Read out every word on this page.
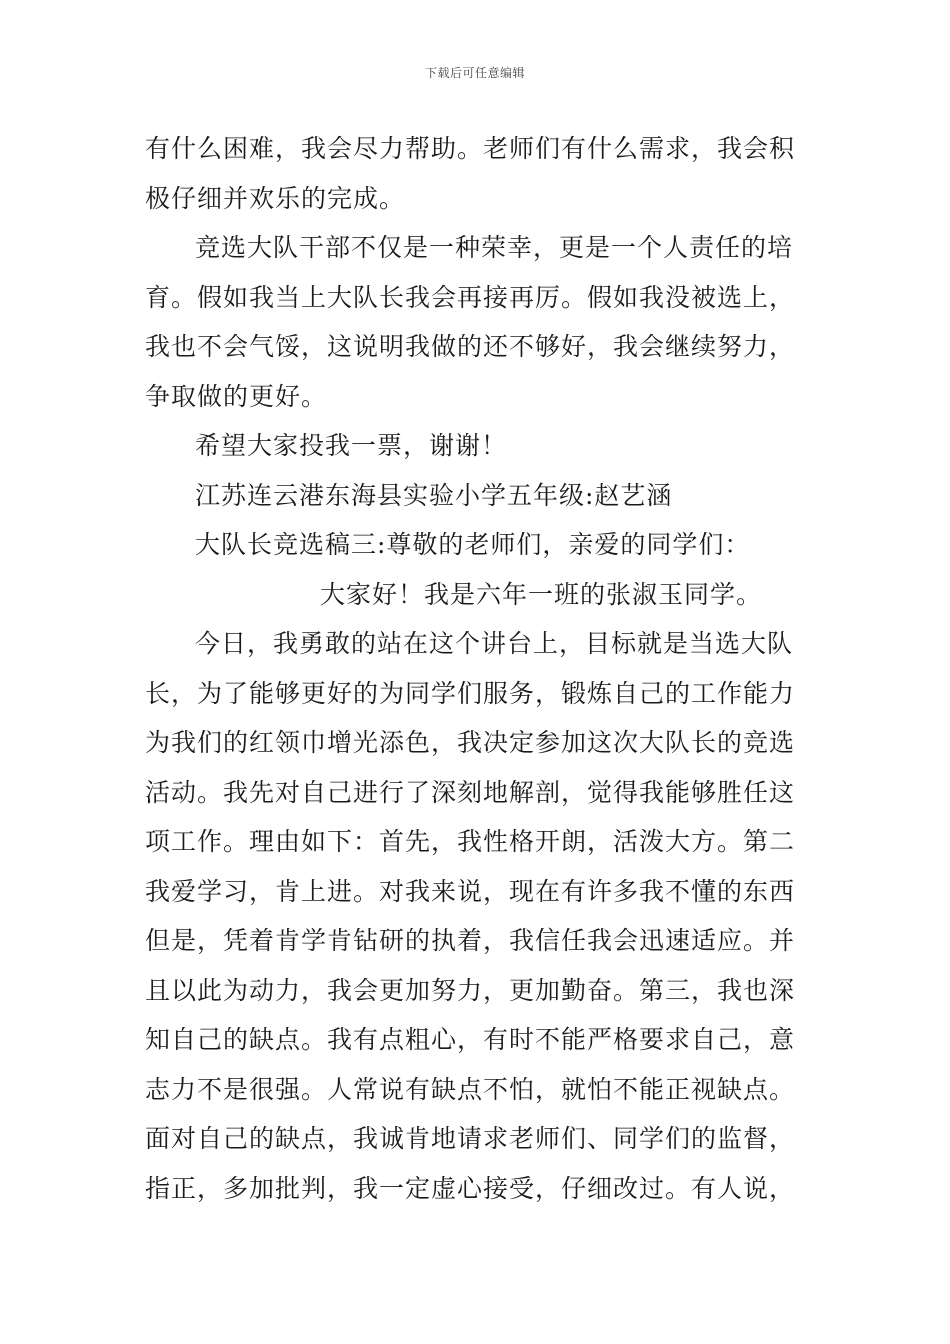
下载后可任意编辑
有什么困难，我会尽力帮助。老师们有什么需求，我会积
极仔细并欢乐的完成。
竞选大队干部不仅是一种荣幸，更是一个人责任的培
育。假如我当上大队长我会再接再厉。假如我没被选上，
我也不会气馁，这说明我做的还不够好，我会继续努力，
争取做的更好。
希望大家投我一票，谢谢！
江苏连云港东海县实验小学五年级:赵艺涵
大队长竞选稿三:尊敬的老师们，亲爱的同学们：
大家好！我是六年一班的张淑玉同学。
今日，我勇敢的站在这个讲台上，目标就是当选大队
长，为了能够更好的为同学们服务，锻炼自己的工作能力
为我们的红领巾增光添色，我决定参加这次大队长的竞选
活动。我先对自己进行了深刻地解剖，觉得我能够胜任这
项工作。理由如下：首先，我性格开朗，活泼大方。第二
我爱学习，肯上进。对我来说，现在有许多我不懂的东西
但是，凭着肯学肯钻研的执着，我信任我会迅速适应。并
且以此为动力，我会更加努力，更加勤奋。第三，我也深
知自己的缺点。我有点粗心，有时不能严格要求自己，意
志力不是很强。人常说有缺点不怕，就怕不能正视缺点。
面对自己的缺点，我诚肯地请求老师们、同学们的监督，
指正，多加批判，我一定虚心接受，仔细改过。有人说，
